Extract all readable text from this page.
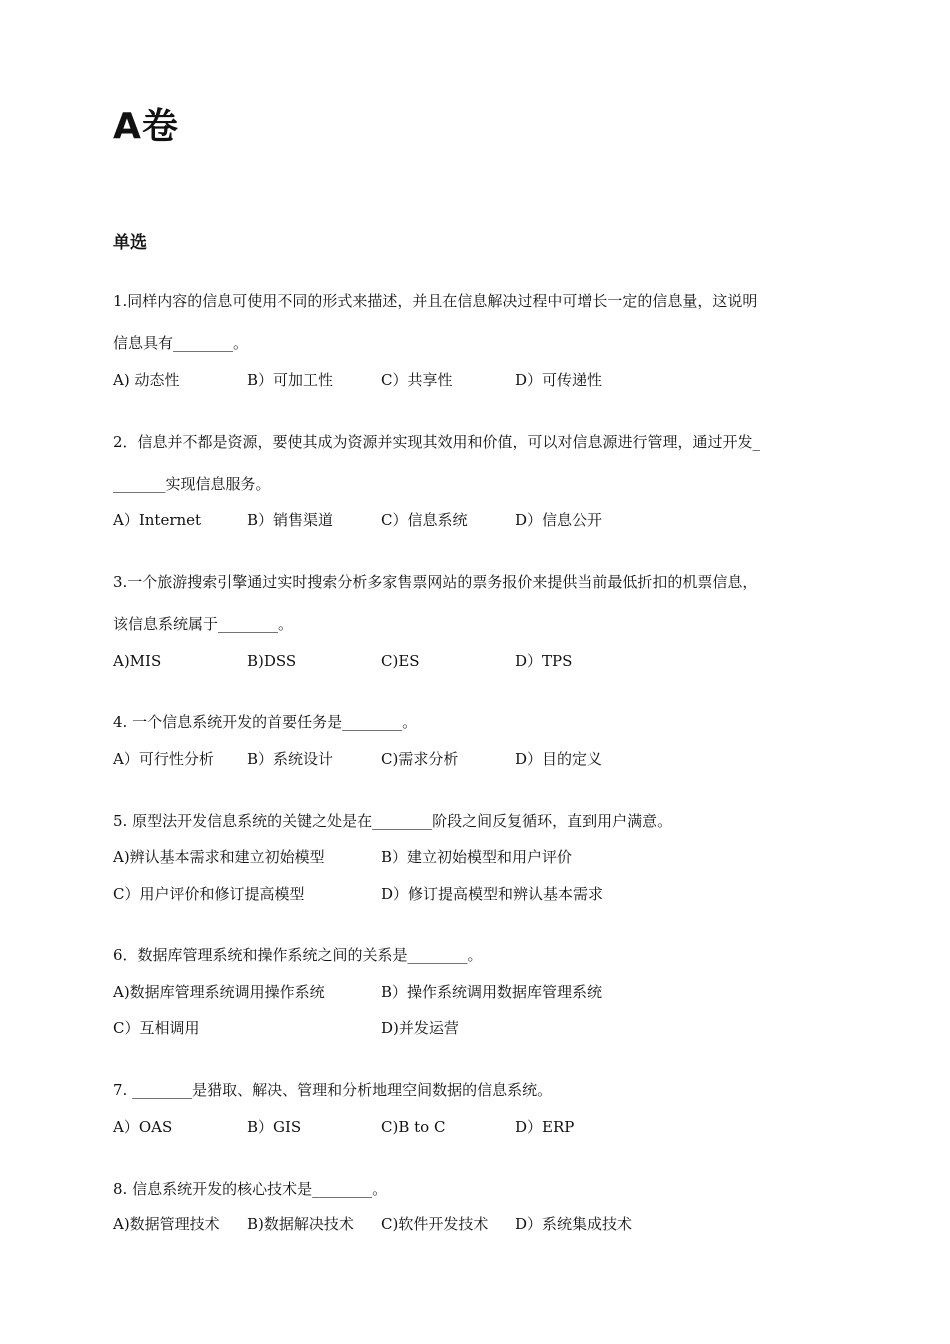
A卷
单选
1.同样内容的信息可使用不同的形式来描述，并且在信息解决过程中可增长一定的信息量，这说明
信息具有________。
A) 动态性	B）可加工性	C）共享性	D）可传递性
2．信息并不都是资源，要使其成为资源并实现其效用和价值，可以对信息源进行管理，通过开发_
_______实现信息服务。
A）Internet	B）销售渠道	C）信息系统	D）信息公开
3.一个旅游搜索引擎通过实时搜索分析多家售票网站的票务报价来提供当前最低折扣的机票信息，
该信息系统属于________。
A)MIS	B)DSS	C)ES	D）TPS
4. 一个信息系统开发的首要任务是________。
A）可行性分析 B）系统设计	C)需求分析	D）目的定义
5. 原型法开发信息系统的关键之处是在________阶段之间反复循环，直到用户满意。
A)辨认基本需求和建立初始模型	B）建立初始模型和用户评价
C）用户评价和修订提高模型	D）修订提高模型和辨认基本需求
6．数据库管理系统和操作系统之间的关系是________。
A)数据库管理系统调用操作系统	B）操作系统调用数据库管理系统
C）互相调用	D)并发运营
7. ________是猎取、解决、管理和分析地理空间数据的信息系统。
A）OAS	B）GIS	C)B to C	D）ERP
8. 信息系统开发的核心技术是________。
A)数据管理技术 B)数据解决技术 C)软件开发技术 D）系统集成技术
